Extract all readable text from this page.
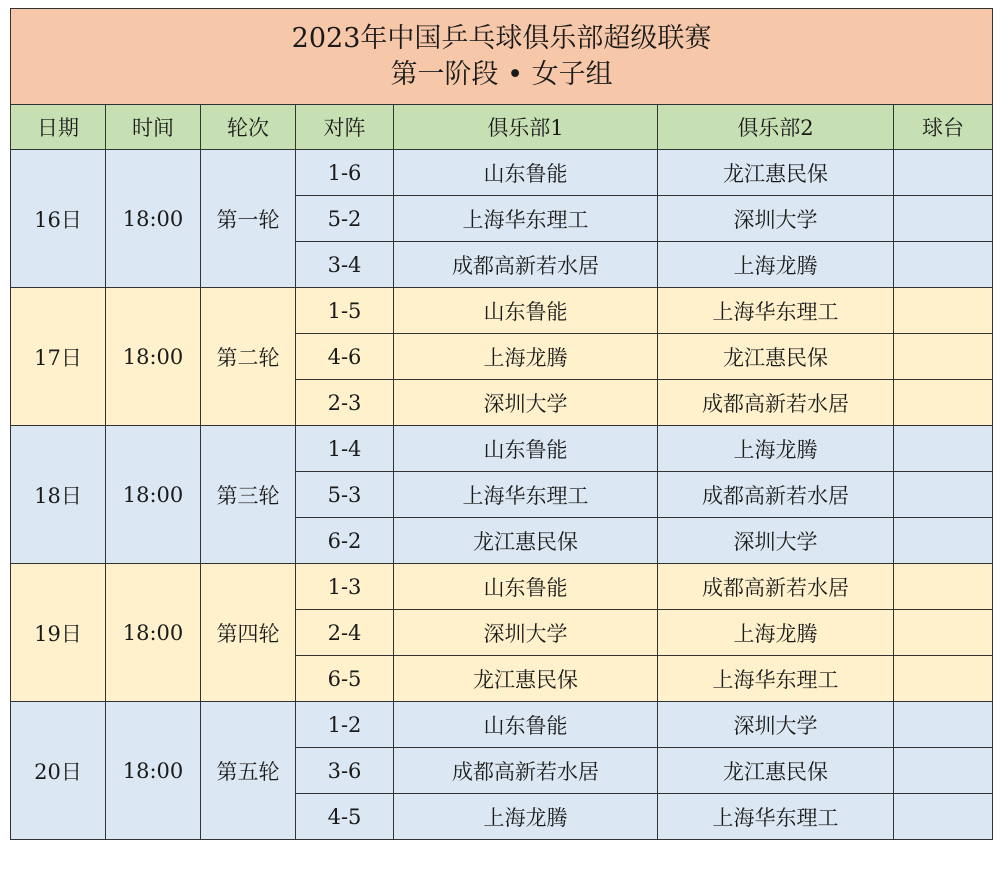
2023年中国乒乓球俱乐部超级联赛
第一阶段 • 女子组						

日期	时间	轮次	对阵	俱乐部1	俱乐部2	球台
16日	18:00	第一轮	1-6	山东鲁能	龙江惠民保	
			5-2	上海华东理工	深圳大学	
			3-4	成都高新若水居	上海龙腾	
17日	18:00	第二轮	1-5	山东鲁能	上海华东理工	
			4-6	上海龙腾	龙江惠民保	
			2-3	深圳大学	成都高新若水居	
18日	18:00	第三轮	1-4	山东鲁能	上海龙腾	
			5-3	上海华东理工	成都高新若水居	
			6-2	龙江惠民保	深圳大学	
19日	18:00	第四轮	1-3	山东鲁能	成都高新若水居	
			2-4	深圳大学	上海龙腾	
			6-5	龙江惠民保	上海华东理工	
20日	18:00	第五轮	1-2	山东鲁能	深圳大学	
			3-6	成都高新若水居	龙江惠民保	
			4-5	上海龙腾	上海华东理工	
